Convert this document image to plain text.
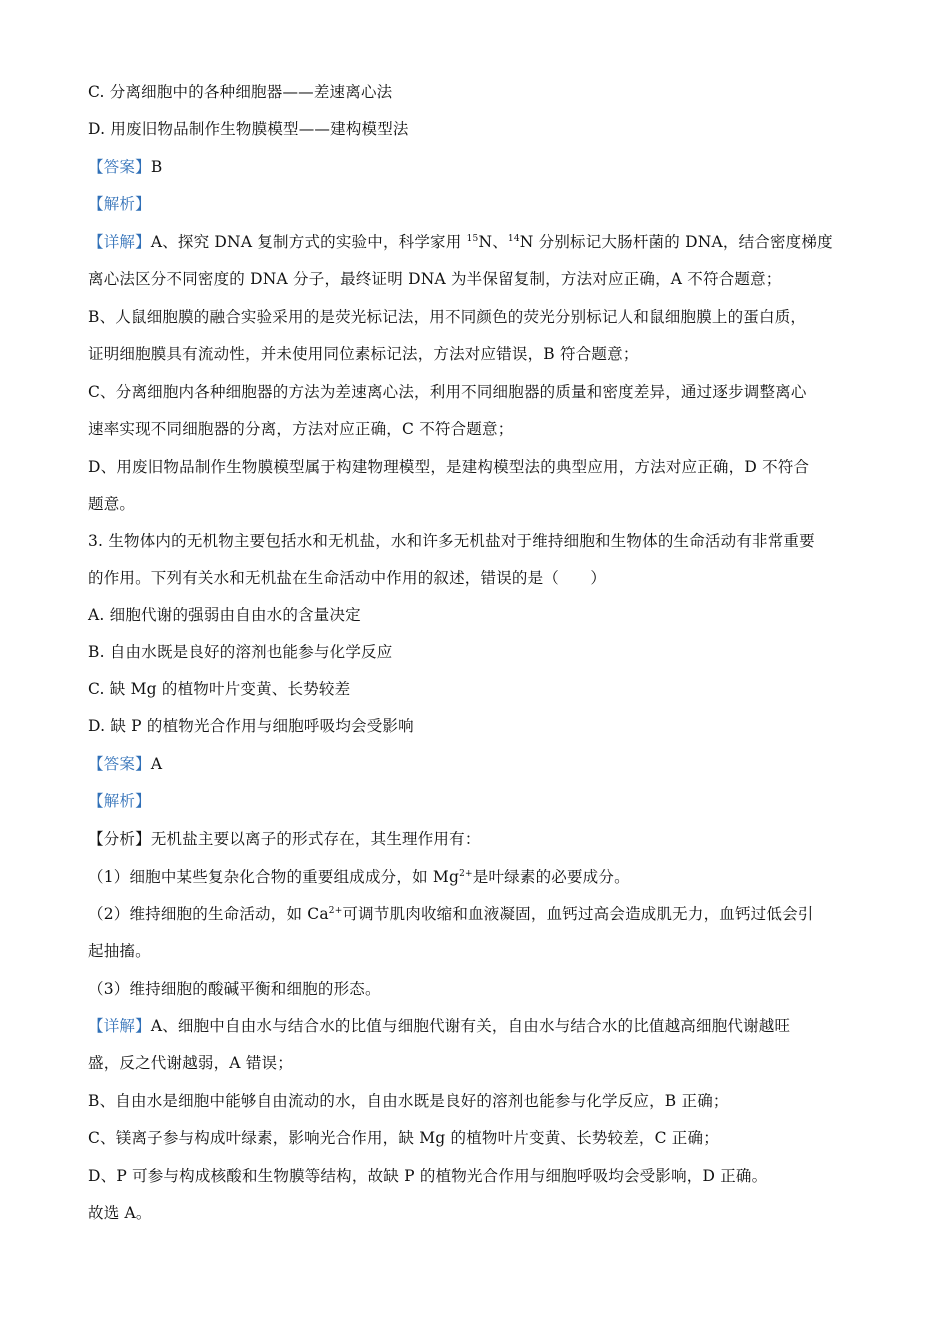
C. 分离细胞中的各种细胞器——差速离心法
D. 用废旧物品制作生物膜模型——建构模型法
【答案】B
【解析】
【详解】A、探究 DNA 复制方式的实验中，科学家用 $^{15}$N、$^{14}$N 分别标记大肠杆菌的 DNA，结合密度梯度
离心法区分不同密度的 DNA 分子，最终证明 DNA 为半保留复制，方法对应正确，A 不符合题意；
B、人鼠细胞膜的融合实验采用的是荧光标记法，用不同颜色的荧光分别标记人和鼠细胞膜上的蛋白质，
证明细胞膜具有流动性，并未使用同位素标记法，方法对应错误，B 符合题意；
C、分离细胞内各种细胞器的方法为差速离心法，利用不同细胞器的质量和密度差异，通过逐步调整离心
速率实现不同细胞器的分离，方法对应正确，C 不符合题意；
D、用废旧物品制作生物膜模型属于构建物理模型，是建构模型法的典型应用，方法对应正确，D 不符合
题意。
3. 生物体内的无机物主要包括水和无机盐，水和许多无机盐对于维持细胞和生物体的生命活动有非常重要
的作用。下列有关水和无机盐在生命活动中作用的叙述，错误的是（　　）
A. 细胞代谢的强弱由自由水的含量决定
B. 自由水既是良好的溶剂也能参与化学反应
C. 缺 Mg 的植物叶片变黄、长势较差
D. 缺 P 的植物光合作用与细胞呼吸均会受影响
【答案】A
【解析】
【分析】无机盐主要以离子的形式存在，其生理作用有：
（1）细胞中某些复杂化合物的重要组成成分，如 $Mg^{2+}$是叶绿素的必要成分。
（2）维持细胞的生命活动，如 $Ca^{2+}$可调节肌肉收缩和血液凝固，血钙过高会造成肌无力，血钙过低会引
起抽搐。
（3）维持细胞的酸碱平衡和细胞的形态。
【详解】A、细胞中自由水与结合水的比值与细胞代谢有关，自由水与结合水的比值越高细胞代谢越旺
盛，反之代谢越弱，A 错误；
B、自由水是细胞中能够自由流动的水，自由水既是良好的溶剂也能参与化学反应，B 正确；
C、镁离子参与构成叶绿素，影响光合作用，缺 Mg 的植物叶片变黄、长势较差，C 正确；
D、P 可参与构成核酸和生物膜等结构，故缺 P 的植物光合作用与细胞呼吸均会受影响，D 正确。
故选 A。
